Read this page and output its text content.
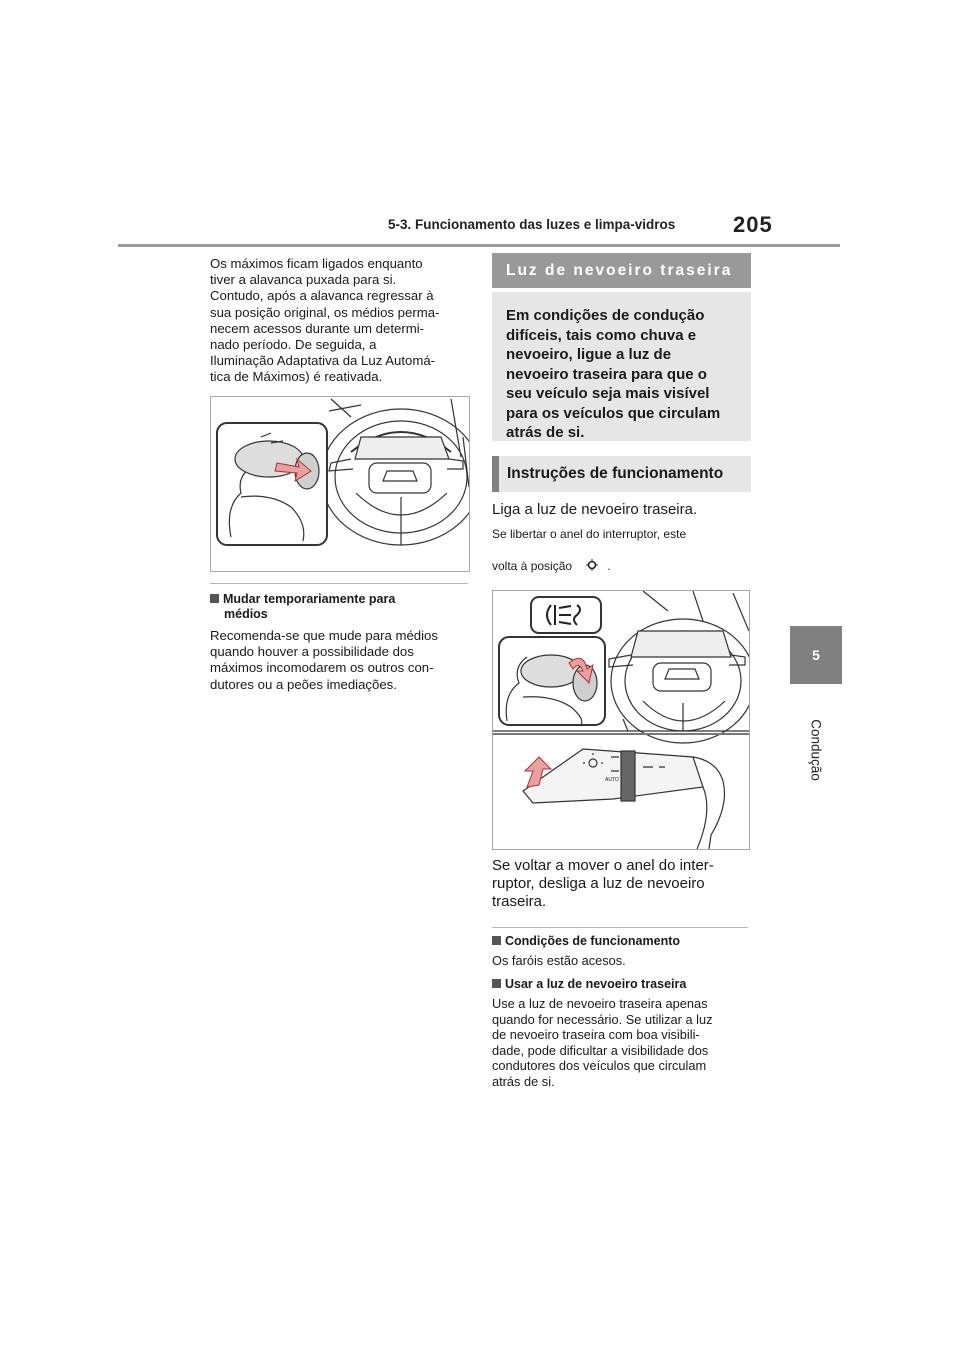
5-3. Funcionamento das luzes e limpa-vidros	205
5
Condução
Os máximos ficam ligados enquanto
tiver a alavanca puxada para si.
Contudo, após a alavanca regressar à
sua posição original, os médios perma-
necem acessos durante um determi-
nado período. De seguida, a
Iluminação Adaptativa da Luz Automá-
tica de Máximos) é reativada.
Mudar temporariamente para
médios
Recomenda-se que mude para médios
quando houver a possibilidade dos
máximos incomodarem os outros con-
dutores ou a peões imediações.
Luz de nevoeiro traseira
Em condições de condução
difíceis, tais como chuva e
nevoeiro, ligue a luz de
nevoeiro traseira para que o
seu veículo seja mais visível
para os veículos que circulam
atrás de si.
Instruções de funcionamento
Liga a luz de nevoeiro traseira.
Se libertar o anel do interruptor, este
volta à posição	.
AUTO
Se voltar a mover o anel do inter-
ruptor, desliga a luz de nevoeiro
traseira.
Condições de funcionamento
Os faróis estão acesos.
Usar a luz de nevoeiro traseira
Use a luz de nevoeiro traseira apenas
quando for necessário. Se utilizar a luz
de nevoeiro traseira com boa visibili-
dade, pode dificultar a visibilidade dos
condutores dos veículos que circulam
atrás de si.
